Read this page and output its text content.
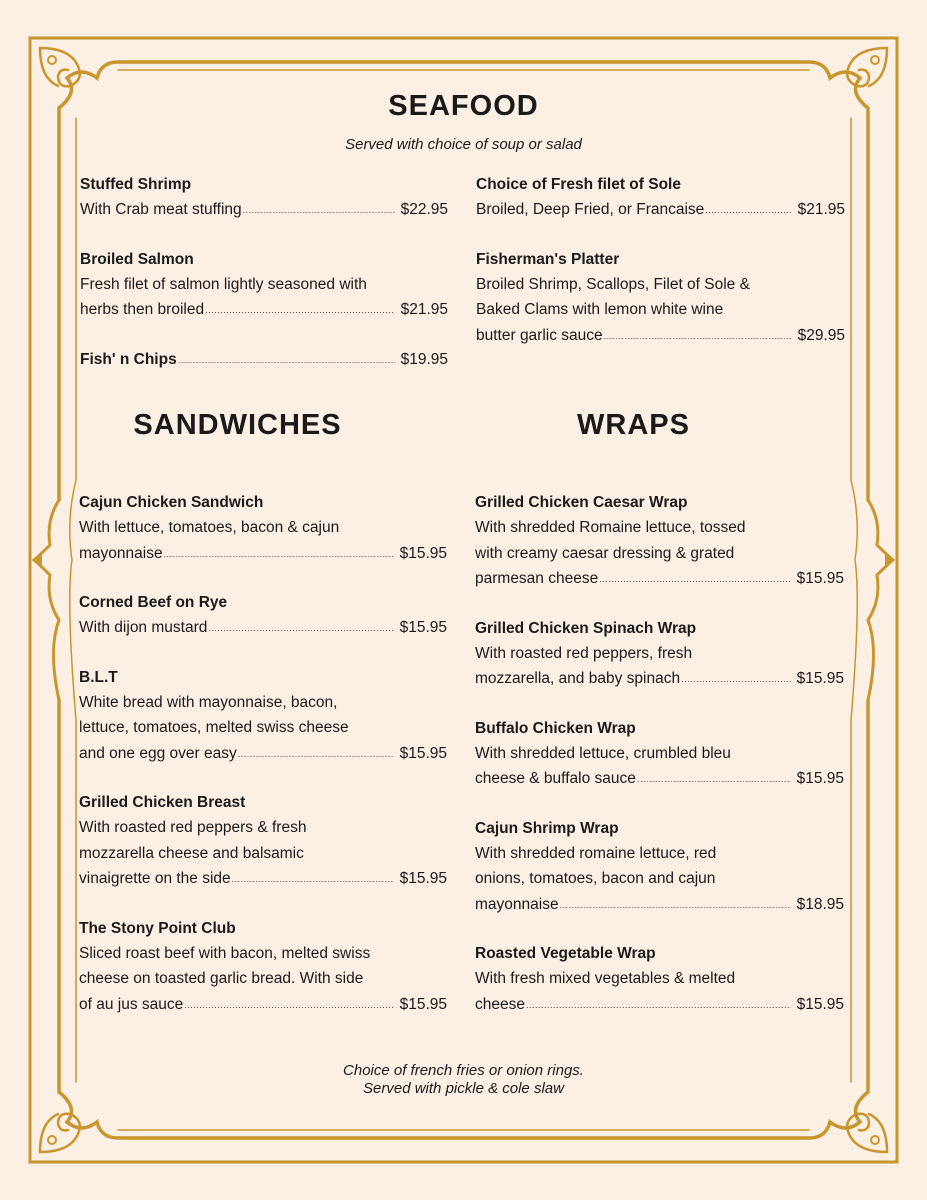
SEAFOOD
Served with choice of soup or salad
Stuffed Shrimp
With Crab meat stuffing .....	$22.95
Broiled Salmon
Fresh filet of salmon lightly seasoned with
herbs then broiled .....	$21.95
Fish' n Chips .....	$19.95
Choice of Fresh filet of Sole
Broiled, Deep Fried, or Francaise .....	$21.95
Fisherman's Platter
Broiled Shrimp, Scallops, Filet of Sole &
Baked Clams with lemon white wine
butter garlic sauce .....	$29.95
SANDWICHES	WRAPS
Cajun Chicken Sandwich
With lettuce, tomatoes, bacon & cajun
mayonnaise .....	$15.95
Corned Beef on Rye
With dijon mustard .....	$15.95
B.L.T
White bread with mayonnaise, bacon,
lettuce, tomatoes, melted swiss cheese
and one egg over easy .....	$15.95
Grilled Chicken Breast
With roasted red peppers & fresh
mozzarella cheese and balsamic
vinaigrette on the side .....	$15.95
The Stony Point Club
Sliced roast beef with bacon, melted swiss
cheese on toasted garlic bread. With side
of au jus sauce .....	$15.95
Grilled Chicken Caesar Wrap
With shredded Romaine lettuce, tossed
with creamy caesar dressing & grated
parmesan cheese .....	$15.95
Grilled Chicken Spinach Wrap
With roasted red peppers, fresh
mozzarella, and baby spinach .....	$15.95
Buffalo Chicken Wrap
With shredded lettuce, crumbled bleu
cheese & buffalo sauce .....	$15.95
Cajun Shrimp Wrap
With shredded romaine lettuce, red
onions, tomatoes, bacon and cajun
mayonnaise .....	$18.95
Roasted Vegetable Wrap
With fresh mixed vegetables & melted
cheese .....	$15.95
Choice of french fries or onion rings.
Served with pickle & cole slaw
